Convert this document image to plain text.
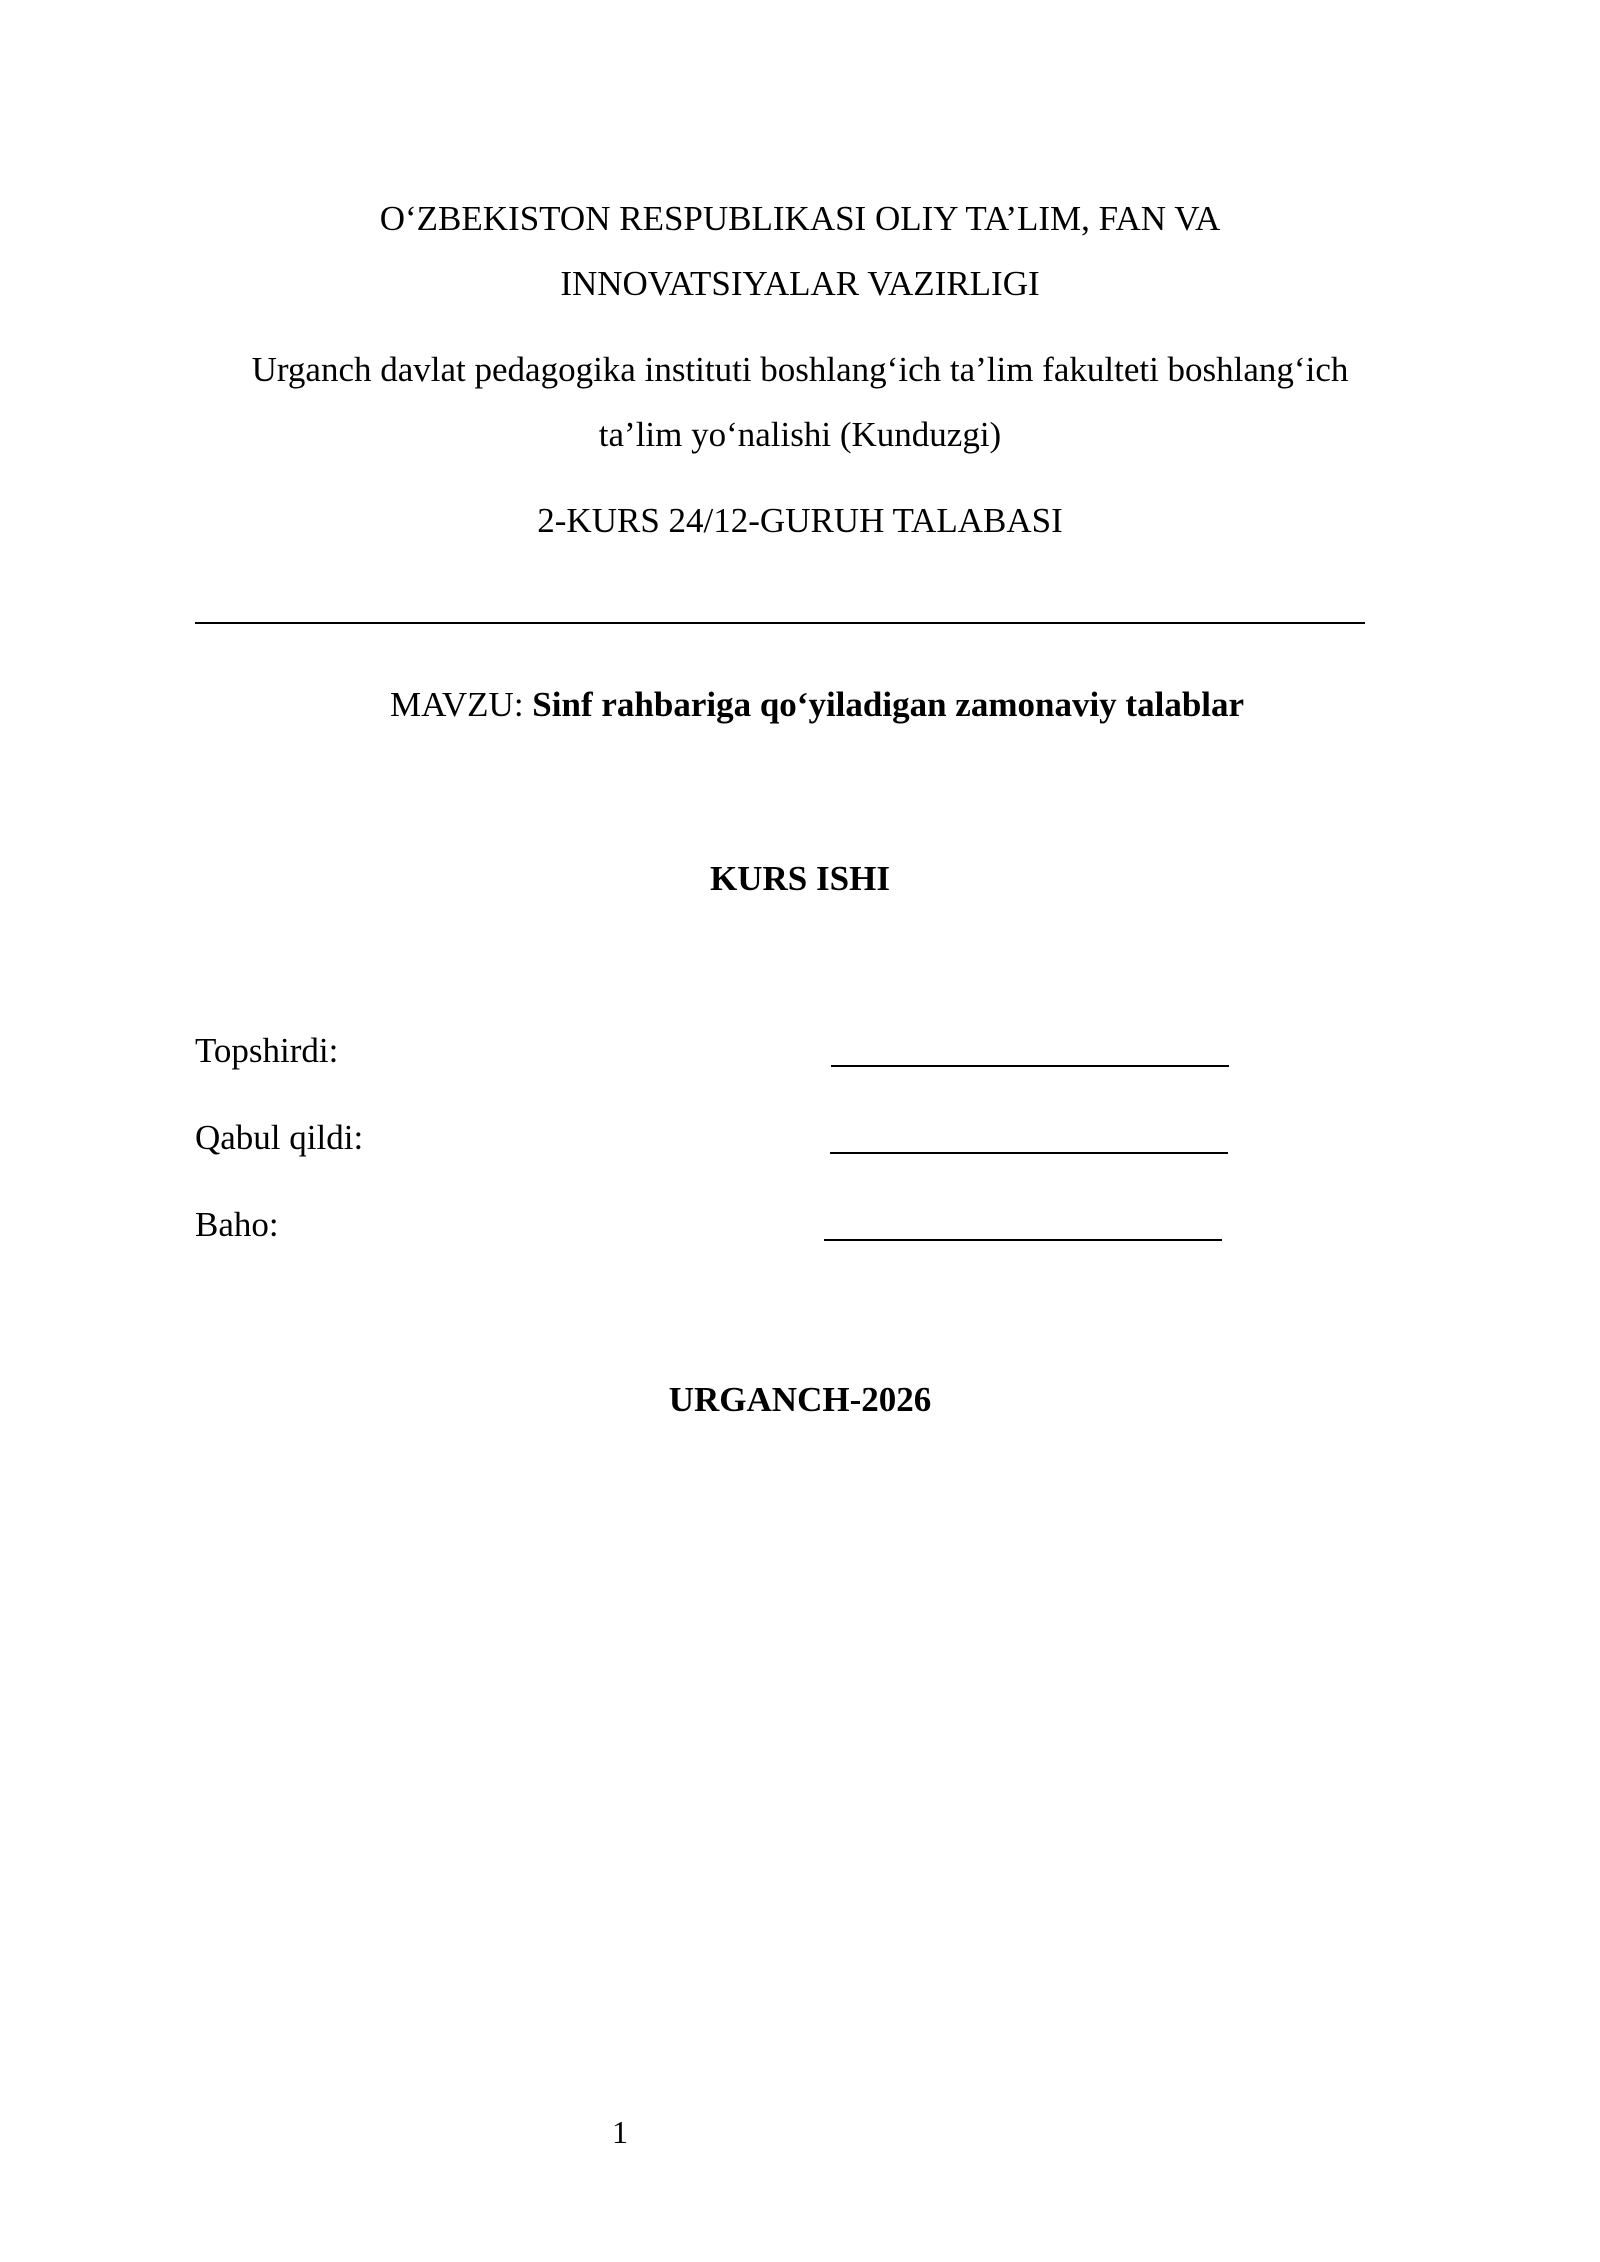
O‘ZBEKISTON RESPUBLIKASI OLIY TA’LIM, FAN VA
INNOVATSIYALAR VAZIRLIGI
Urganch davlat pedagogika instituti boshlang‘ich ta’lim fakulteti boshlang‘ich
ta’lim yo‘nalishi (Kunduzgi)
2-KURS 24/12-GURUH TALABASI
MAVZU: Sinf rahbariga qo‘yiladigan zamonaviy talablar
KURS ISHI
Topshirdi:
Qabul qildi:
Baho:
URGANCH-2026
1
